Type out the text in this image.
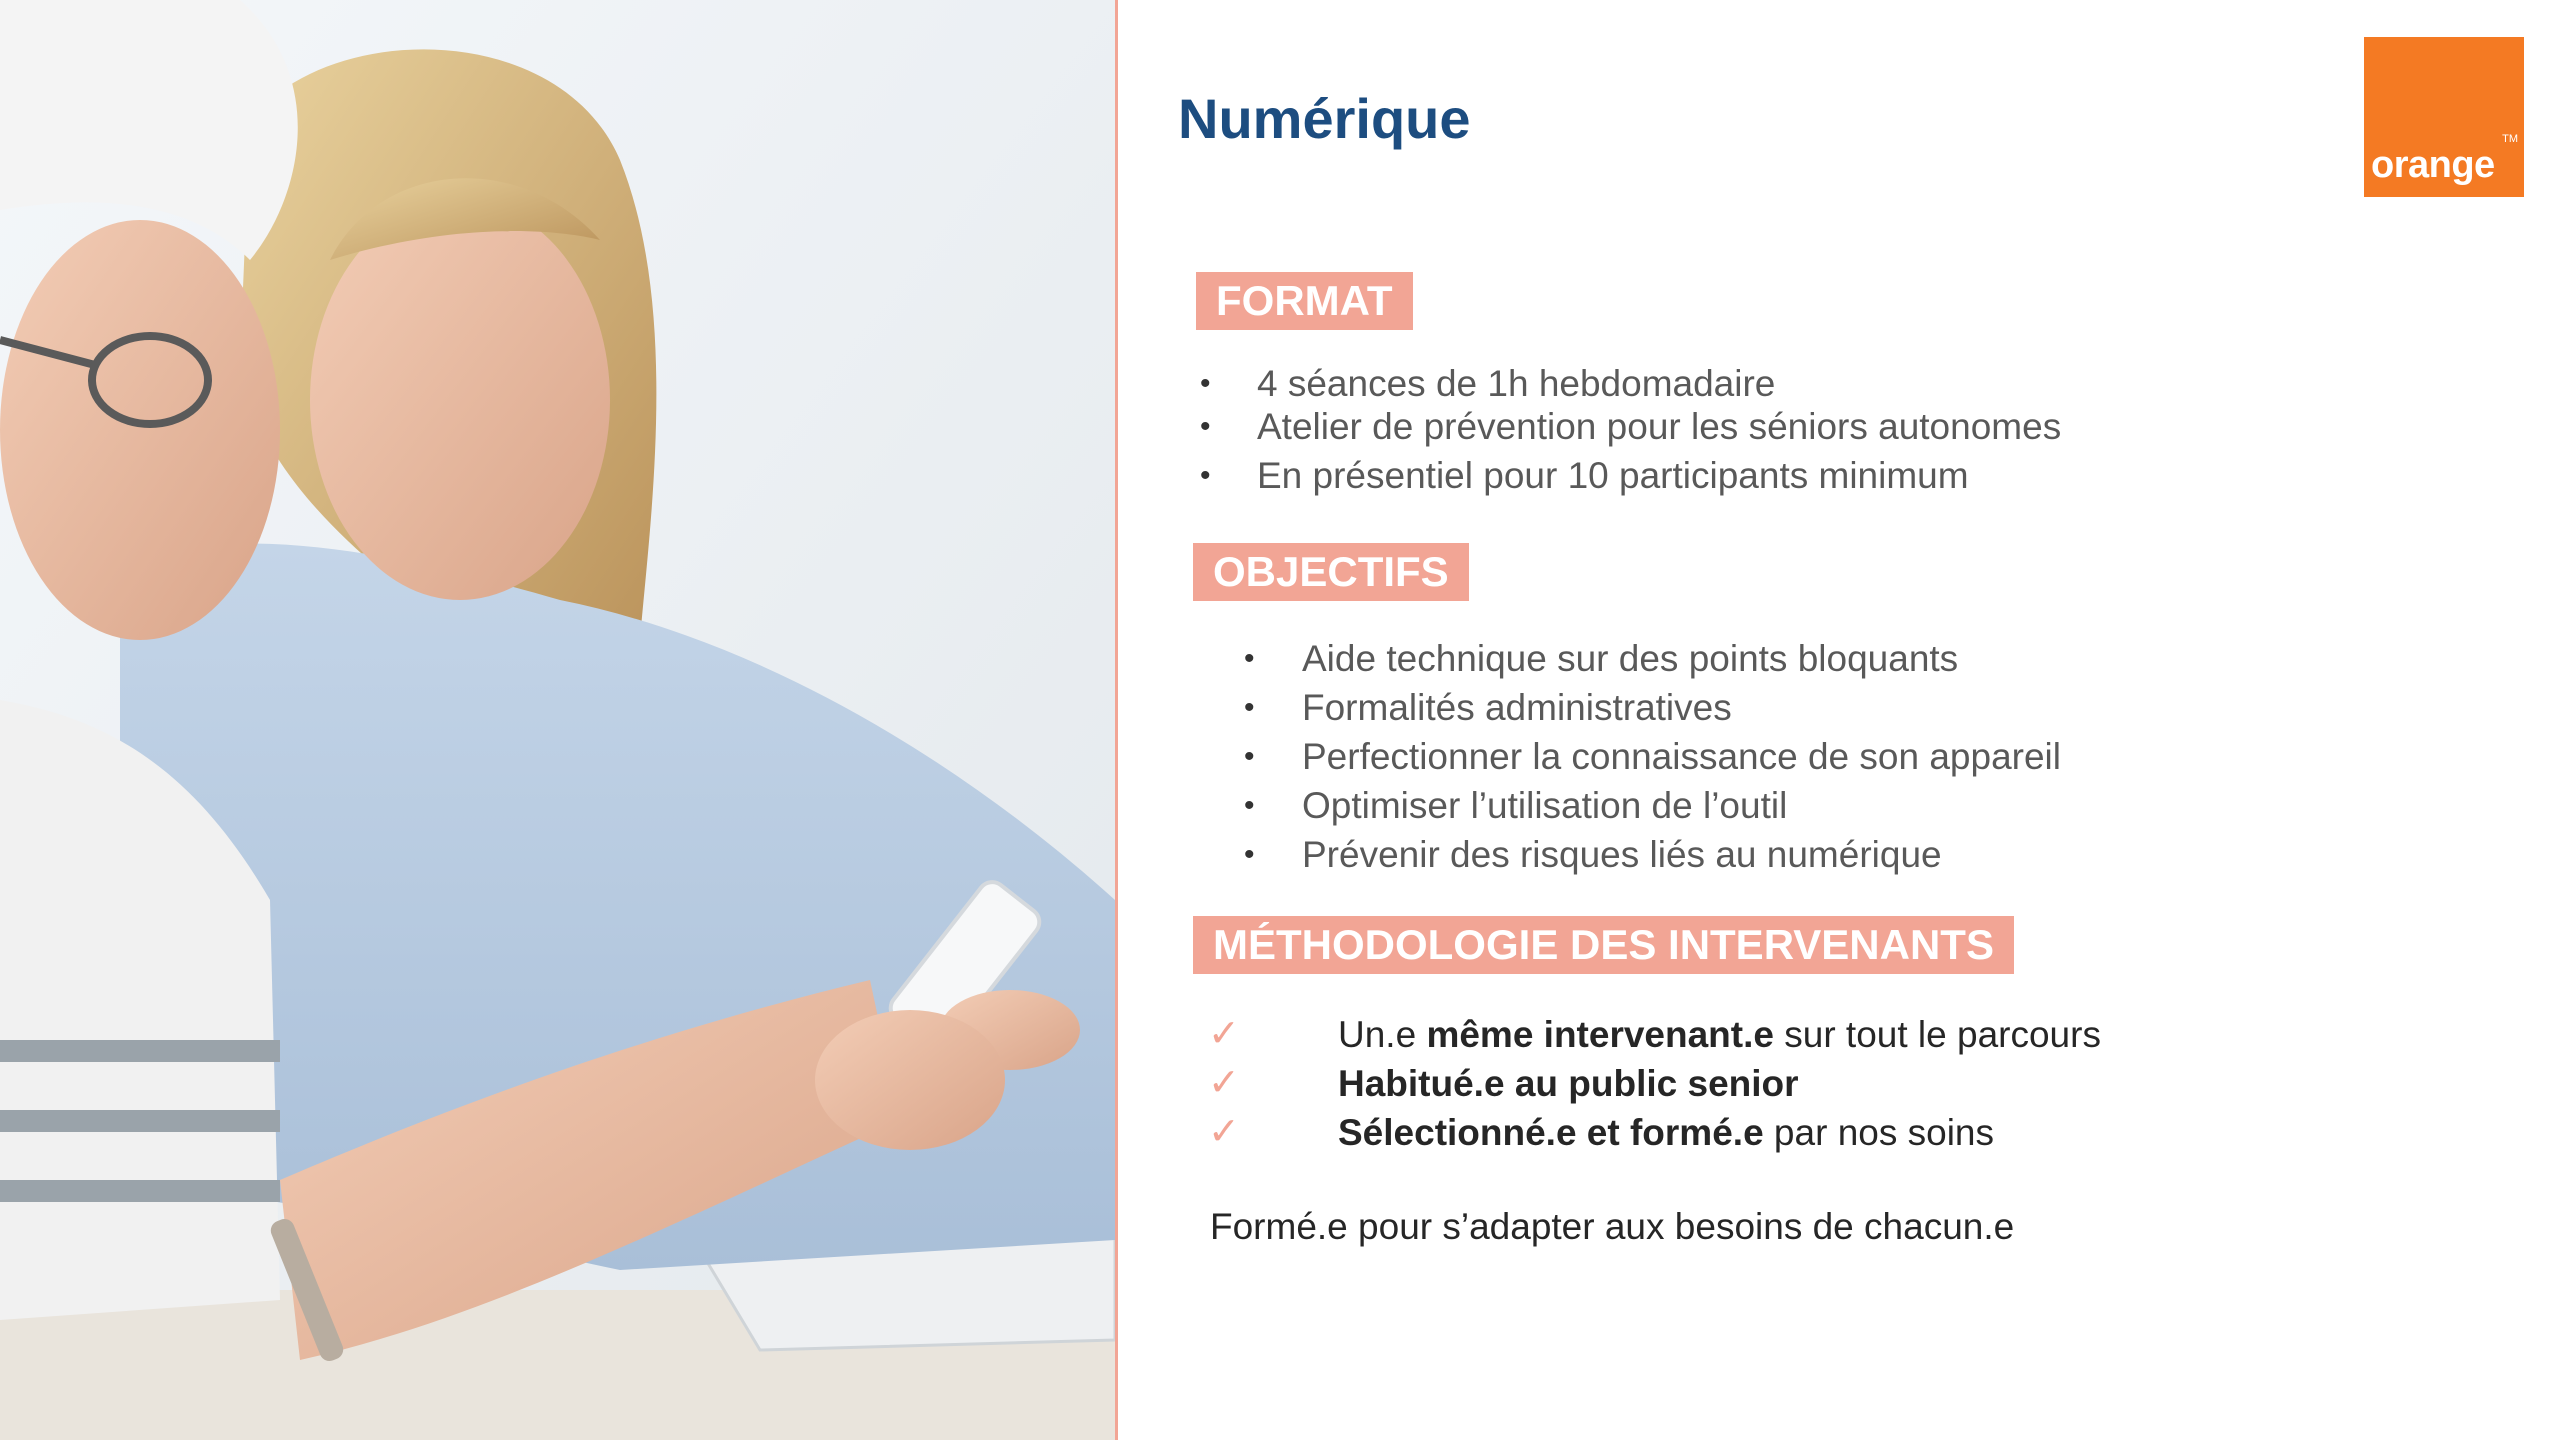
orange
TM
Numérique
FORMAT
• 4 séances de 1h hebdomadaire
• Atelier de prévention pour les séniors autonomes
• En présentiel pour 10 participants minimum
OBJECTIFS
• Aide technique sur des points bloquants
• Formalités administratives
• Perfectionner la connaissance de son appareil
• Optimiser l’utilisation de l’outil
• Prévenir des risques liés au numérique
MÉTHODOLOGIE DES INTERVENANTS
✓	Un.e même intervenant.e sur tout le parcours
✓	Habitué.e au public senior
✓	Sélectionné.e et formé.e par nos soins
Formé.e pour s’adapter aux besoins de chacun.e
